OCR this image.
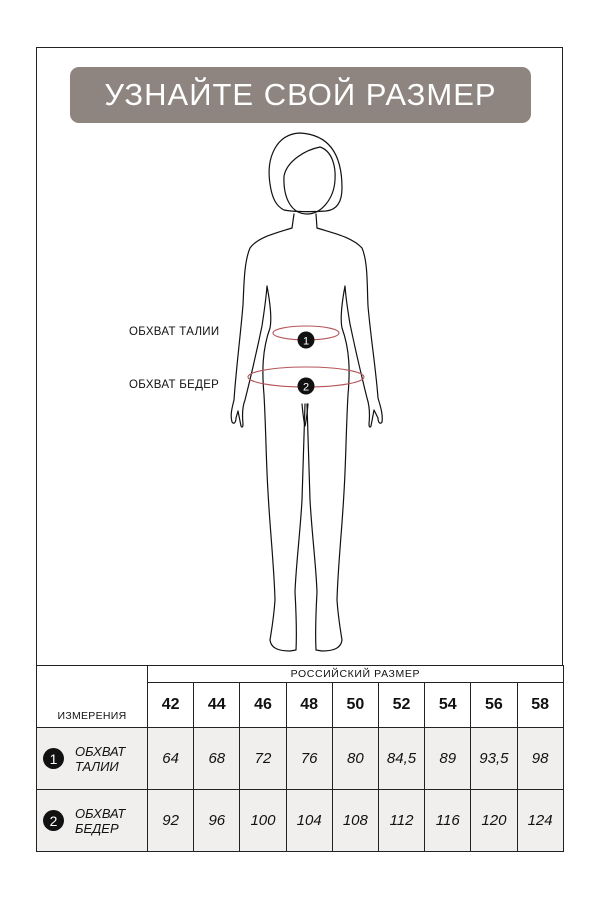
УЗНАЙТЕ СВОЙ РАЗМЕР
1
2
ОБХВАТ ТАЛИИ
ОБХВАТ БЕДЕР
ИЗМЕРЕНИЯ	РОССИЙСКИЙ РАЗМЕР								
	42	44	46	48	50	52	54	56	58

1 ОБХВАТ
ТАЛИИ	64	68	72	76	80	84,5	89	93,5	98

2 ОБХВАТ
БЕДЕР	92	96	100	104	108	112	116	120	124
